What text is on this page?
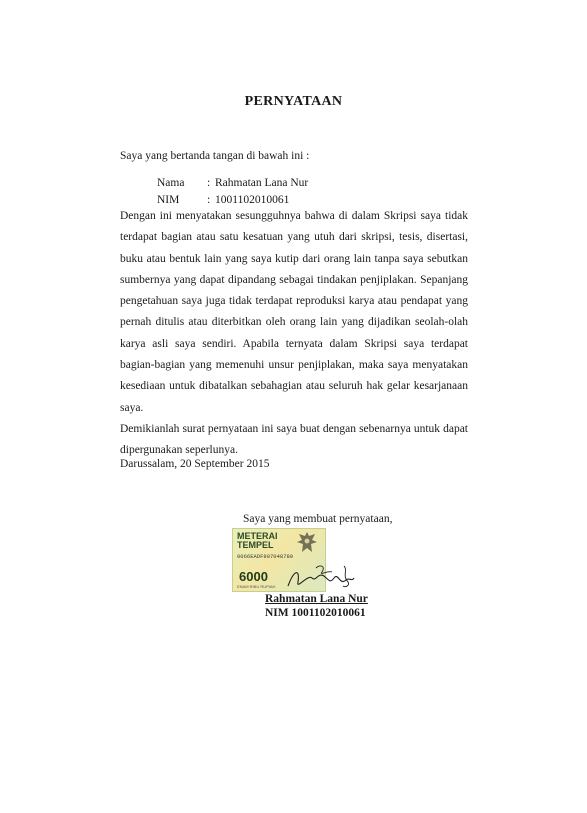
PERNYATAAN
Saya yang bertanda tangan di bawah ini :
Nama : Rahmatan Lana Nur
NIM : 1001102010061

Dengan ini menyatakan sesungguhnya bahwa di dalam Skripsi saya tidak terdapat bagian atau satu kesatuan yang utuh dari skripsi, tesis, disertasi, buku atau bentuk lain yang saya kutip dari orang lain tanpa saya sebutkan sumbernya yang dapat dipandang sebagai tindakan penjiplakan. Sepanjang pengetahuan saya juga tidak terdapat reproduksi karya atau pendapat yang pernah ditulis atau diterbitkan oleh orang lain yang dijadikan seolah-olah karya asli saya sendiri. Apabila ternyata dalam Skripsi saya terdapat bagian-bagian yang memenuhi unsur penjiplakan, maka saya menyatakan kesediaan untuk dibatalkan sebahagian atau seluruh hak gelar kesarjanaan saya.

Demikianlah surat pernyataan ini saya buat dengan sebenarnya untuk dapat dipergunakan seperlunya.

Darussalam, 20 September 2015
Saya yang membuat pernyataan,
METERAI
TEMPEL
0066EADF807048780
6000
ENAM RIBU RUPIAH
Rahmatan Lana Nur
NIM 1001102010061
